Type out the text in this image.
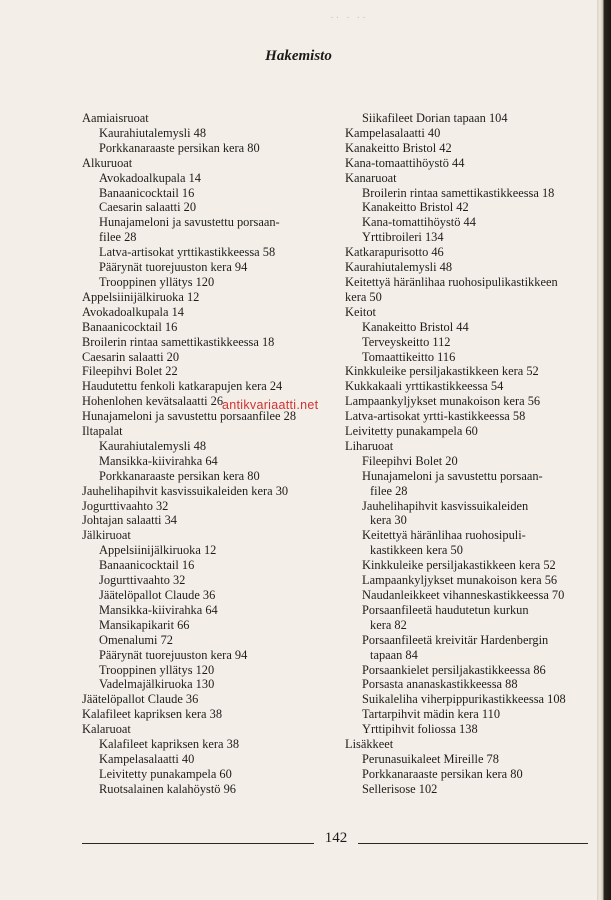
·· · ··
Hakemisto
Aamiaisruoat
Kaurahiutalemysli 48
Porkkanaraaste persikan kera 80
Alkuruoat
Avokadoalkupala 14
Banaanicocktail 16
Caesarin salaatti 20
Hunajameloni ja savustettu porsaan-
filee 28
Latva-artisokat yrttikastikkeessa 58
Päärynät tuorejuuston kera 94
Trooppinen yllätys 120
Appelsiinijälkiruoka 12
Avokadoalkupala 14
Banaanicocktail 16
Broilerin rintaa samettikastikkeessa 18
Caesarin salaatti 20
Fileepihvi Bolet 22
Haudutettu fenkoli katkarapujen kera 24
Hohenlohen kevätsalaatti 26
Hunajameloni ja savustettu porsaanfilee 28
Iltapalat
Kaurahiutalemysli 48
Mansikka-kiivirahka 64
Porkkanaraaste persikan kera 80
Jauhelihapihvit kasvissuikaleiden kera 30
Jogurttivaahto 32
Johtajan salaatti 34
Jälkiruoat
Appelsiinijälkiruoka 12
Banaanicocktail 16
Jogurttivaahto 32
Jäätelöpallot Claude 36
Mansikka-kiivirahka 64
Mansikapikarit 66
Omenalumi 72
Päärynät tuorejuuston kera 94
Trooppinen yllätys 120
Vadelmajälkiruoka 130
Jäätelöpallot Claude 36
Kalafileet kapriksen kera 38
Kalaruoat
Kalafileet kapriksen kera 38
Kampelasalaatti 40
Leivitetty punakampela 60
Ruotsalainen kalahöystö 96
Siikafileet Dorian tapaan 104
Kampelasalaatti 40
Kanakeitto Bristol 42
Kana-tomaattihöystö 44
Kanaruoat
Broilerin rintaa samettikastikkeessa 18
Kanakeitto Bristol 42
Kana-tomattihöystö 44
Yrttibroileri 134
Katkarapurisotto 46
Kaurahiutalemysli 48
Keitettyä häränlihaa ruohosipulikastikkeen
kera 50
Keitot
Kanakeitto Bristol 44
Terveyskeitto 112
Tomaattikeitto 116
Kinkkuleike persiljakastikkeen kera 52
Kukkakaali yrttikastikkeessa 54
Lampaankyljykset munakoison kera 56
Latva-artisokat yrtti-kastikkeessa 58
Leivitetty punakampela 60
Liharuoat
Fileepihvi Bolet 20
Hunajameloni ja savustettu porsaan-
filee 28
Jauhelihapihvit kasvissuikaleiden
kera 30
Keitettyä häränlihaa ruohosipuli-
kastikkeen kera 50
Kinkkuleike persiljakastikkeen kera 52
Lampaankyljykset munakoison kera 56
Naudanleikkeet vihanneskastikkeessa 70
Porsaanfileetä haudutetun kurkun
kera 82
Porsaanfileetä kreivitär Hardenbergin
tapaan 84
Porsaankielet persiljakastikkeessa 86
Porsasta ananaskastikkeessa 88
Suikaleliha viherpippurikastikkeessa 108
Tartarpihvit mädin kera 110
Yrttipihvit foliossa 138
Lisäkkeet
Perunasuikaleet Mireille 78
Porkkanaraaste persikan kera 80
Sellerisose 102
antikvariaatti.net
142
